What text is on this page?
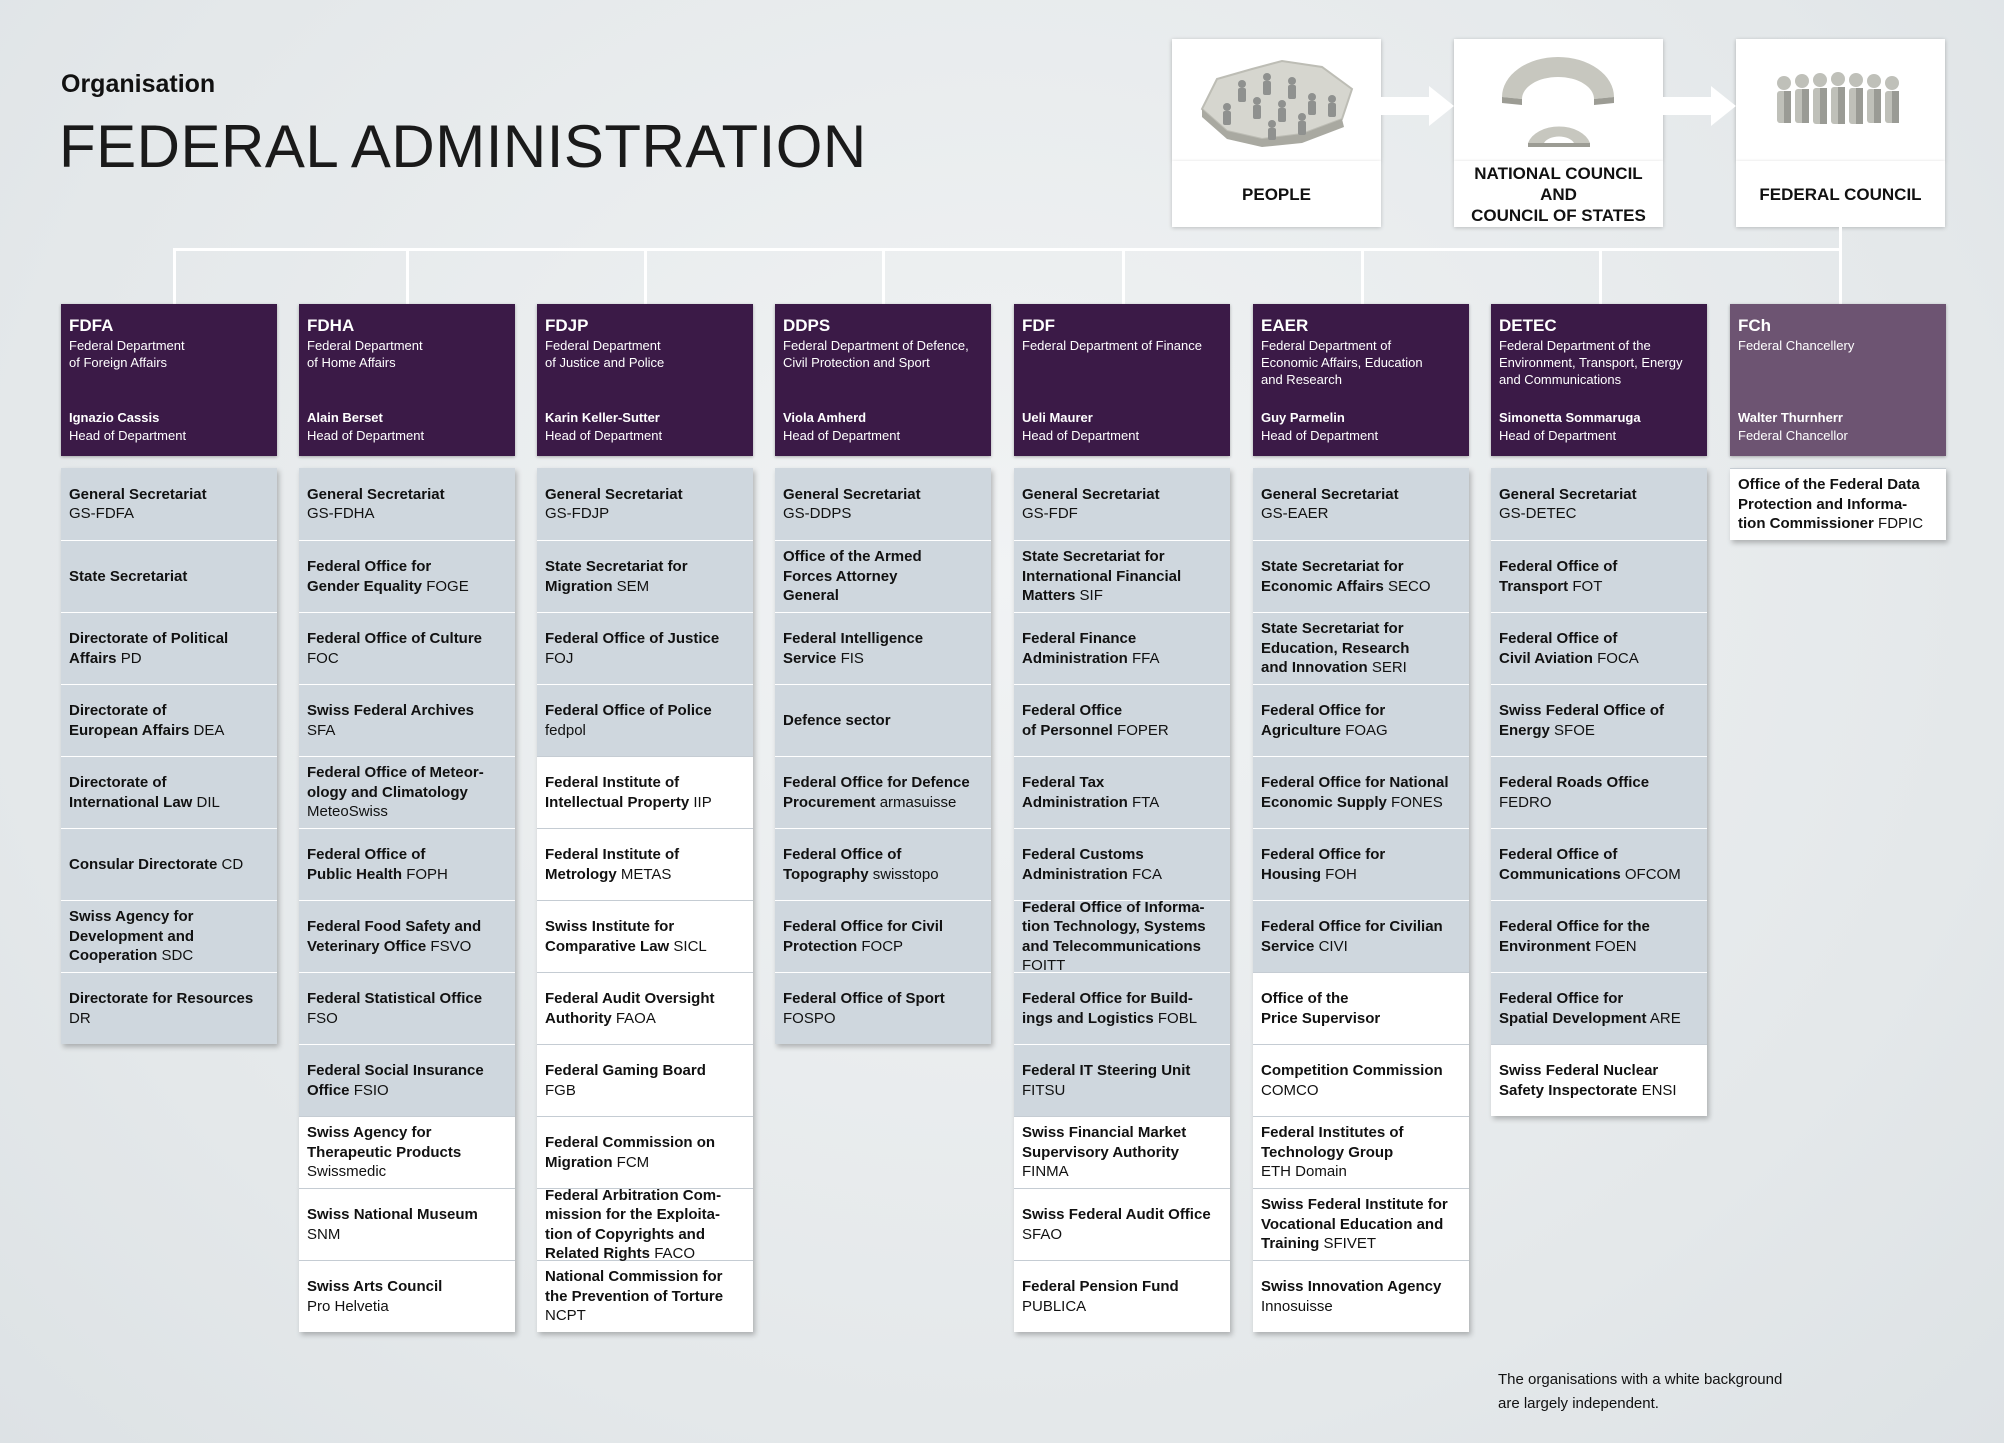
Organisation
FEDERAL ADMINISTRATION
PEOPLE
NATIONAL COUNCIL AND
COUNCIL OF STATES
FEDERAL COUNCIL
FDFA
Federal Department
of Foreign Affairs
Ignazio Cassis
Head of Department
General Secretariat
GS-FDFA
State Secretariat
Directorate of Political
Affairs PD
Directorate of
European Affairs DEA
Directorate of
International Law DIL
Consular Directorate CD
Swiss Agency for
Development and
Cooperation SDC
Directorate for Resources
DR
FDHA
Federal Department
of Home Affairs
Alain Berset
Head of Department
General Secretariat
GS-FDHA
Federal Office for
Gender Equality FOGE
Federal Office of Culture
FOC
Swiss Federal Archives
SFA
Federal Office of Meteor-
ology and Climatology
MeteoSwiss
Federal Office of
Public Health FOPH
Federal Food Safety and
Veterinary Office FSVO
Federal Statistical Office
FSO
Federal Social Insurance
Office FSIO
Swiss Agency for
Therapeutic Products
Swissmedic
Swiss National Museum
SNM
Swiss Arts Council
Pro Helvetia
FDJP
Federal Department
of Justice and Police
Karin Keller-Sutter
Head of Department
General Secretariat
GS-FDJP
State Secretariat for
Migration SEM
Federal Office of Justice
FOJ
Federal Office of Police
fedpol
Federal Institute of
Intellectual Property IIP
Federal Institute of
Metrology METAS
Swiss Institute for
Comparative Law SICL
Federal Audit Oversight
Authority FAOA
Federal Gaming Board
FGB
Federal Commission on
Migration FCM
Federal Arbitration Com-
mission for the Exploita-
tion of Copyrights and
Related Rights FACO
National Commission for
the Prevention of Torture
NCPT
DDPS
Federal Department of Defence,
Civil Protection and Sport
Viola Amherd
Head of Department
General Secretariat
GS-DDPS
Office of the Armed
Forces Attorney
General
Federal Intelligence
Service FIS
Defence sector
Federal Office for Defence
Procurement armasuisse
Federal Office of
Topography swisstopo
Federal Office for Civil
Protection FOCP
Federal Office of Sport
FOSPO
FDF
Federal Department of Finance
Ueli Maurer
Head of Department
General Secretariat
GS-FDF
State Secretariat for
International Financial
Matters SIF
Federal Finance
Administration FFA
Federal Office
of Personnel FOPER
Federal Tax
Administration FTA
Federal Customs
Administration FCA
Federal Office of Informa-
tion Technology, Systems
and Telecommunications
FOITT
Federal Office for Build-
ings and Logistics FOBL
Federal IT Steering Unit
FITSU
Swiss Financial Market
Supervisory Authority
FINMA
Swiss Federal Audit Office
SFAO
Federal Pension Fund
PUBLICA
EAER
Federal Department of
Economic Affairs, Education
and Research
Guy Parmelin
Head of Department
General Secretariat
GS-EAER
State Secretariat for
Economic Affairs SECO
State Secretariat for
Education, Research
and Innovation SERI
Federal Office for
Agriculture FOAG
Federal Office for National
Economic Supply FONES
Federal Office for
Housing FOH
Federal Office for Civilian
Service CIVI
Office of the
Price Supervisor
Competition Commission
COMCO
Federal Institutes of
Technology Group
ETH Domain
Swiss Federal Institute for
Vocational Education and
Training SFIVET
Swiss Innovation Agency
Innosuisse
DETEC
Federal Department of the
Environment, Transport, Energy
and Communications
Simonetta Sommaruga
Head of Department
General Secretariat
GS-DETEC
Federal Office of
Transport FOT
Federal Office of
Civil Aviation FOCA
Swiss Federal Office of
Energy SFOE
Federal Roads Office
FEDRO
Federal Office of
Communications OFCOM
Federal Office for the
Environment FOEN
Federal Office for
Spatial Development ARE
Swiss Federal Nuclear
Safety Inspectorate ENSI
FCh
Federal Chancellery
Walter Thurnherr
Federal Chancellor
Office of the Federal Data
Protection and Informa-
tion Commissioner FDPIC
The organisations with a white background
are largely independent.
